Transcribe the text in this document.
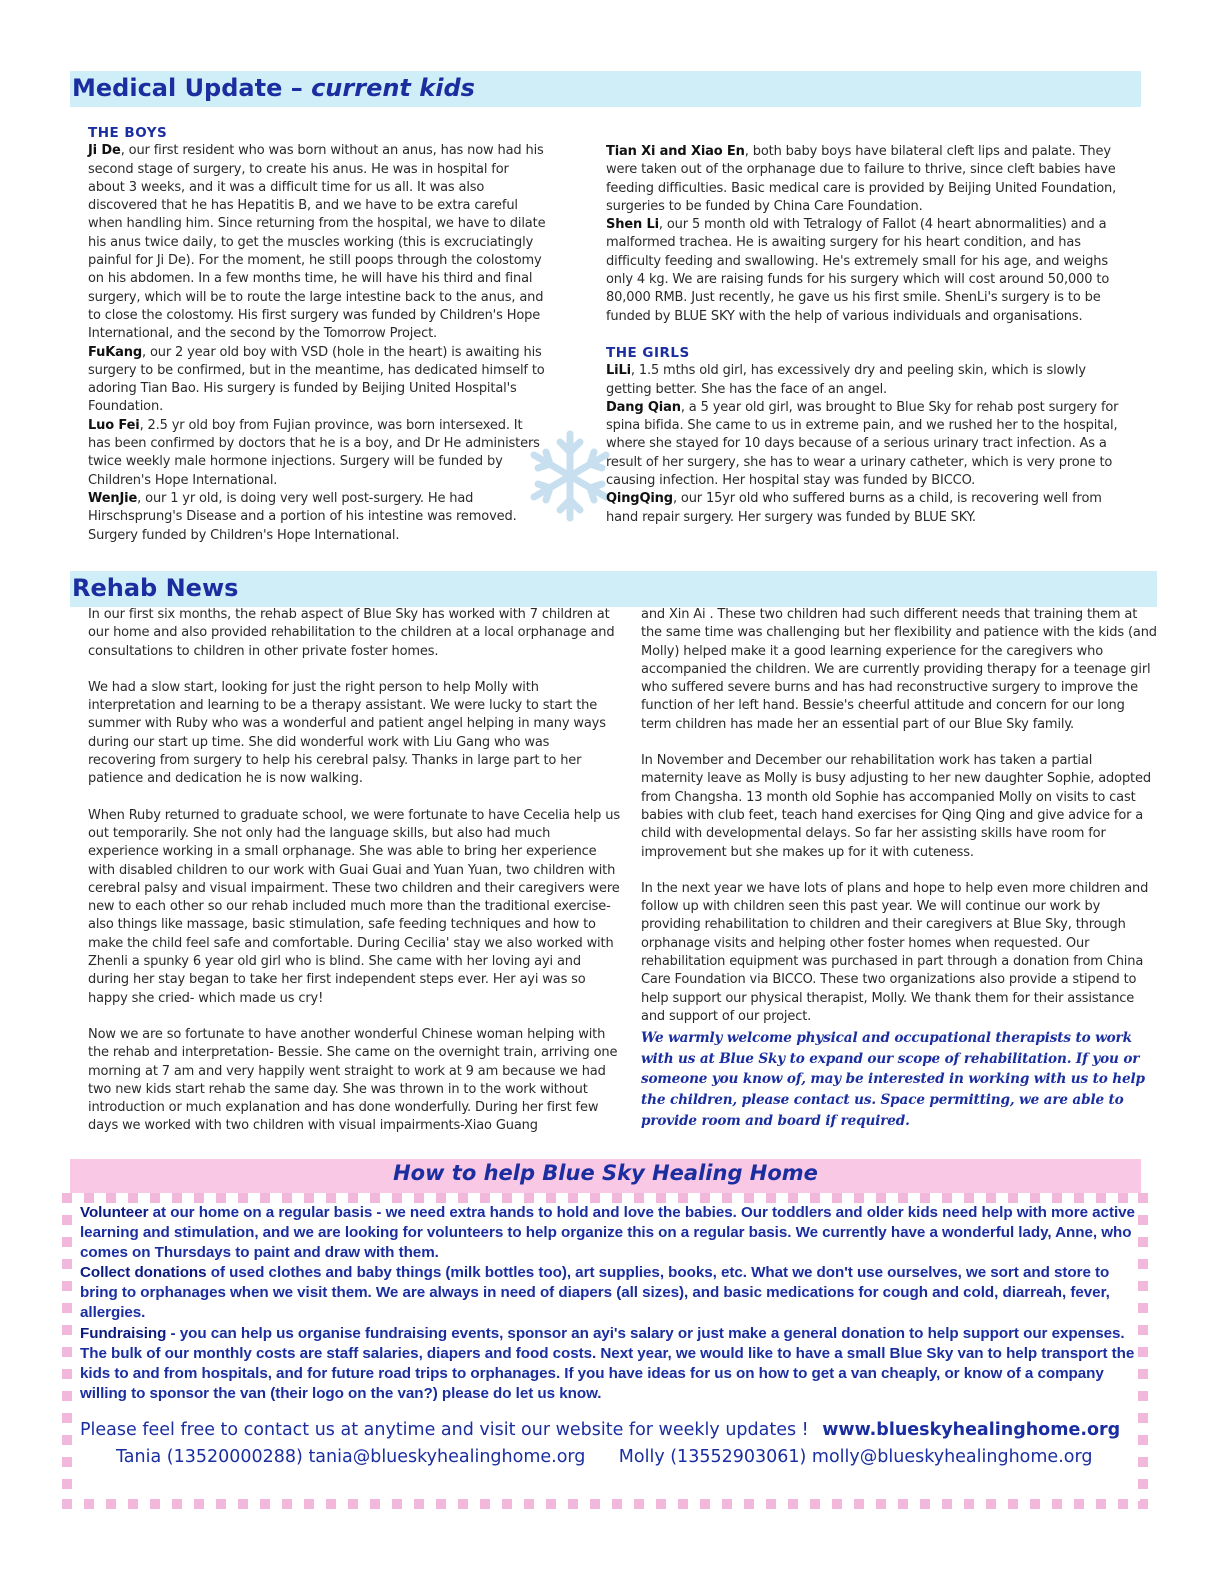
Medical Update – current kids

THE BOYS

Ji De, our first resident who was born without an anus, has now had his second stage of surgery, to create his anus. He was in hospital for about 3 weeks, and it was a difficult time for us all. It was also discovered that he has Hepatitis B, and we have to be extra careful when handling him. Since returning from the hospital, we have to dilate his anus twice daily, to get the muscles working (this is excruciatingly painful for Ji De). For the moment, he still poops through the colostomy on his abdomen. In a few months time, he will have his third and final surgery, which will be to route the large intestine back to the anus, and to close the colostomy. His first surgery was funded by Children's Hope International, and the second by the Tomorrow Project.

FuKang, our 2 year old boy with VSD (hole in the heart) is awaiting his surgery to be confirmed, but in the meantime, has dedicated himself to adoring Tian Bao. His surgery is funded by Beijing United Hospital's Foundation.

Luo Fei, 2.5 yr old boy from Fujian province, was born intersexed. It has been confirmed by doctors that he is a boy, and Dr He administers twice weekly male hormone injections. Surgery will be funded by Children's Hope International.

WenJie, our 1 yr old, is doing very well post-surgery. He had Hirschsprung's Disease and a portion of his intestine was removed. Surgery funded by Children's Hope International.

Tian Xi and Xiao En, both baby boys have bilateral cleft lips and palate. They were taken out of the orphanage due to failure to thrive, since cleft babies have feeding difficulties. Basic medical care is provided by Beijing United Foundation, surgeries to be funded by China Care Foundation.

Shen Li, our 5 month old with Tetralogy of Fallot (4 heart abnormalities) and a malformed trachea. He is awaiting surgery for his heart condition, and has difficulty feeding and swallowing. He's extremely small for his age, and weighs only 4 kg. We are raising funds for his surgery which will cost around 50,000 to 80,000 RMB. Just recently, he gave us his first smile. ShenLi's surgery is to be funded by BLUE SKY with the help of various individuals and organisations.

THE GIRLS

LiLi, 1.5 mths old girl, has excessively dry and peeling skin, which is slowly getting better. She has the face of an angel.

Dang Qian, a 5 year old girl, was brought to Blue Sky for rehab post surgery for spina bifida. She came to us in extreme pain, and we rushed her to the hospital, where she stayed for 10 days because of a serious urinary tract infection. As a result of her surgery, she has to wear a urinary catheter, which is very prone to causing infection. Her hospital stay was funded by BICCO.

QingQing, our 15yr old who suffered burns as a child, is recovering well from hand repair surgery. Her surgery was funded by BLUE SKY.

Rehab News

In our first six months, the rehab aspect of Blue Sky has worked with 7 children at our home and also provided rehabilitation to the children at a local orphanage and consultations to children in other private foster homes.

We had a slow start, looking for just the right person to help Molly with interpretation and learning to be a therapy assistant. We were lucky to start the summer with Ruby who was a wonderful and patient angel helping in many ways during our start up time. She did wonderful work with Liu Gang who was recovering from surgery to help his cerebral palsy. Thanks in large part to her patience and dedication he is now walking.

When Ruby returned to graduate school, we were fortunate to have Cecelia help us out temporarily. She not only had the language skills, but also had much experience working in a small orphanage. She was able to bring her experience with disabled children to our work with Guai Guai and Yuan Yuan, two children with cerebral palsy and visual impairment. These two children and their caregivers were new to each other so our rehab included much more than the traditional exercise- also things like massage, basic stimulation, safe feeding techniques and how to make the child feel safe and comfortable. During Cecilia' stay we also worked with Zhenli a spunky 6 year old girl who is blind. She came with her loving ayi and during her stay began to take her first independent steps ever. Her ayi was so happy she cried- which made us cry!

Now we are so fortunate to have another wonderful Chinese woman helping with the rehab and interpretation- Bessie. She came on the overnight train, arriving one morning at 7 am and very happily went straight to work at 9 am because we had two new kids start rehab the same day. She was thrown in to the work without introduction or much explanation and has done wonderfully. During her first few days we worked with two children with visual impairments-Xiao Guang

and Xin Ai . These two children had such different needs that training them at the same time was challenging but her flexibility and patience with the kids (and Molly) helped make it a good learning experience for the caregivers who accompanied the children. We are currently providing therapy for a teenage girl who suffered severe burns and has had reconstructive surgery to improve the function of her left hand. Bessie's cheerful attitude and concern for our long term children has made her an essential part of our Blue Sky family.

In November and December our rehabilitation work has taken a partial maternity leave as Molly is busy adjusting to her new daughter Sophie, adopted from Changsha. 13 month old Sophie has accompanied Molly on visits to cast babies with club feet, teach hand exercises for Qing Qing and give advice for a child with developmental delays. So far her assisting skills have room for improvement but she makes up for it with cuteness.

In the next year we have lots of plans and hope to help even more children and follow up with children seen this past year. We will continue our work by providing rehabilitation to children and their caregivers at Blue Sky, through orphanage visits and helping other foster homes when requested. Our rehabilitation equipment was purchased in part through a donation from China Care Foundation via BICCO. These two organizations also provide a stipend to help support our physical therapist, Molly. We thank them for their assistance and support of our project.

We warmly welcome physical and occupational therapists to work with us at Blue Sky to expand our scope of rehabilitation. If you or someone you know of, may be interested in working with us to help the children, please contact us. Space permitting, we are able to provide room and board if required.

How to help Blue Sky Healing Home

Volunteer at our home on a regular basis - we need extra hands to hold and love the babies. Our toddlers and older kids need help with more active learning and stimulation, and we are looking for volunteers to help organize this on a regular basis. We currently have a wonderful lady, Anne, who comes on Thursdays to paint and draw with them.

Collect donations of used clothes and baby things (milk bottles too), art supplies, books, etc. What we don't use ourselves, we sort and store to bring to orphanages when we visit them. We are always in need of diapers (all sizes), and basic medications for cough and cold, diarreah, fever, allergies.

Fundraising - you can help us organise fundraising events, sponsor an ayi's salary or just make a general donation to help support our expenses. The bulk of our monthly costs are staff salaries, diapers and food costs. Next year, we would like to have a small Blue Sky van to help transport the kids to and from hospitals, and for future road trips to orphanages. If you have ideas for us on how to get a van cheaply, or know of a company willing to sponsor the van (their logo on the van?) please do let us know.

Please feel free to contact us at anytime and visit our website for weekly updates ! www.blueskyhealinghome.org
Tania (13520000288) tania@blueskyhealinghome.org      Molly (13552903061) molly@blueskyhealinghome.org
